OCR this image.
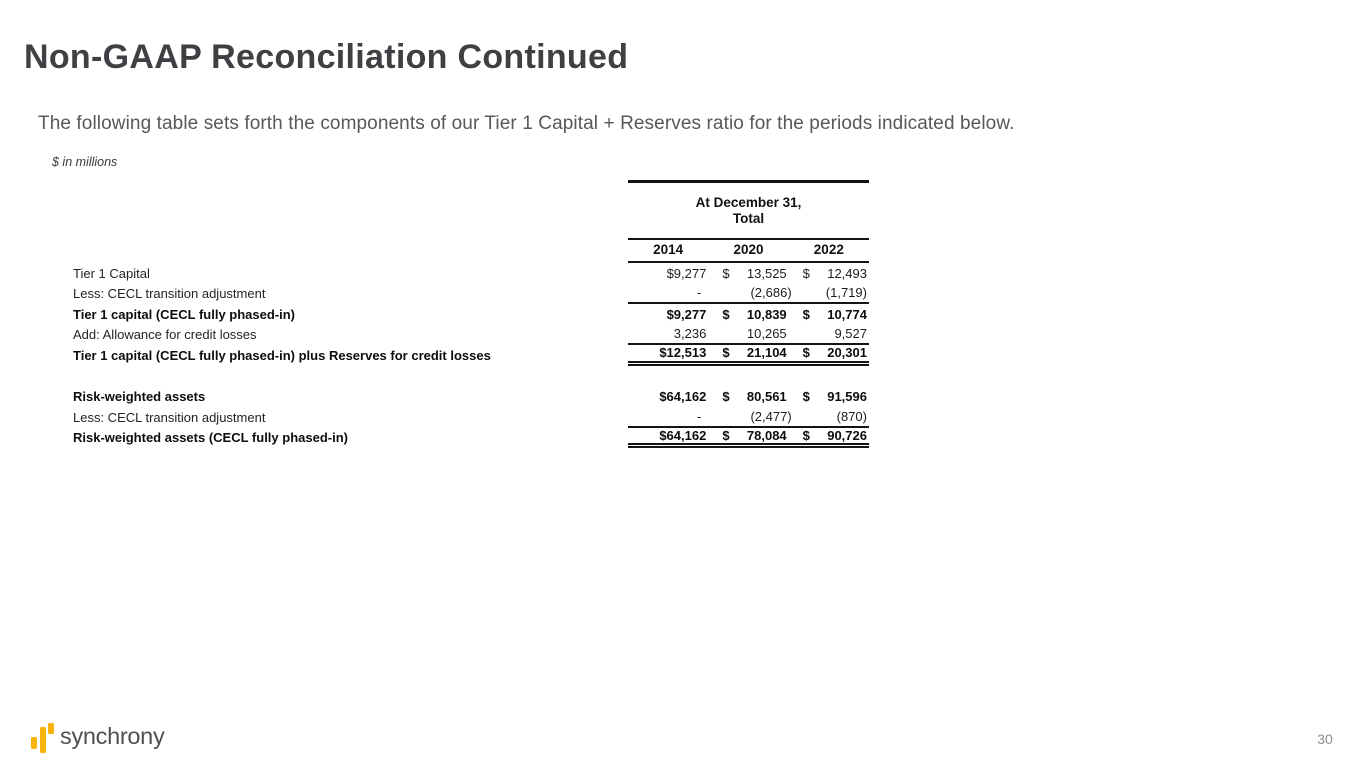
Non-GAAP Reconciliation Continued

The following table sets forth the components of our Tier 1 Capital + Reserves ratio for the periods indicated below.

$ in millions

At December 31,
Total
2014	2020	2022
Tier 1 Capital	$9,277 $ 13,525 $ 12,493
Less: CECL transition adjustment	-	(2,686)	(1,719)
Tier 1 capital (CECL fully phased-in)	$9,277 $ 10,839 $ 10,774
Add: Allowance for credit losses	3,236	10,265	9,527
Tier 1 capital (CECL fully phased-in) plus Reserves for credit losses	$12,513 $ 21,104 $ 20,301
Risk-weighted assets	$64,162 $ 80,561 $ 91,596
Less: CECL transition adjustment	-	(2,477)	(870)
Risk-weighted assets (CECL fully phased-in)	$64,162 $ 78,084 $ 90,726
synchrony	30
